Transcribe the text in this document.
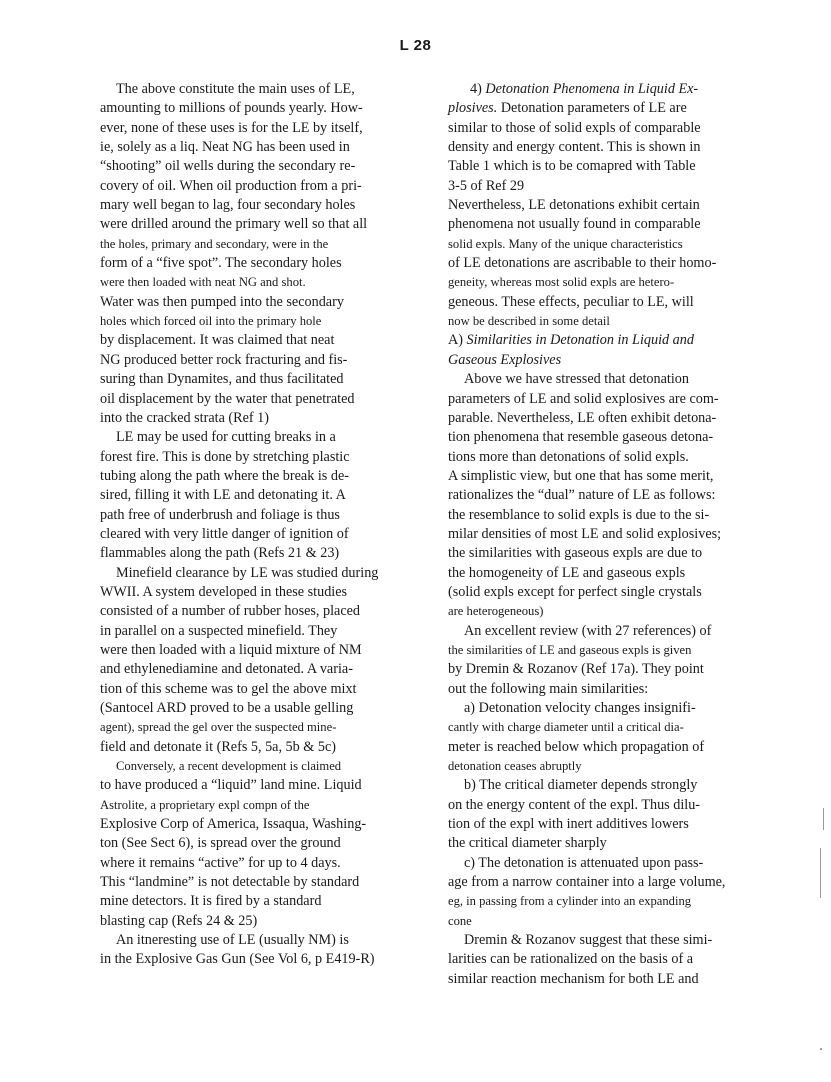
L 28
The above constitute the main uses of LE,
amounting to millions of pounds yearly. How-
ever, none of these uses is for the LE by itself,
ie, solely as a liq. Neat NG has been used in
“shooting” oil wells during the secondary re-
covery of oil. When oil production from a pri-
mary well began to lag, four secondary holes
were drilled around the primary well so that all
the holes, primary and secondary, were in the
form of a “five spot”. The secondary holes
were then loaded with neat NG and shot.
Water was then pumped into the secondary
holes which forced oil into the primary hole
by displacement. It was claimed that neat
NG produced better rock fracturing and fis-
suring than Dynamites, and thus facilitated
oil displacement by the water that penetrated
into the cracked strata (Ref 1)
LE may be used for cutting breaks in a
forest fire. This is done by stretching plastic
tubing along the path where the break is de-
sired, filling it with LE and detonating it. A
path free of underbrush and foliage is thus
cleared with very little danger of ignition of
flammables along the path (Refs 21 & 23)
Minefield clearance by LE was studied during
WWII. A system developed in these studies
consisted of a number of rubber hoses, placed
in parallel on a suspected minefield. They
were then loaded with a liquid mixture of NM
and ethylenediamine and detonated. A varia-
tion of this scheme was to gel the above mixt
(Santocel ARD proved to be a usable gelling
agent), spread the gel over the suspected mine-
field and detonate it (Refs 5, 5a, 5b & 5c)
Conversely, a recent development is claimed
to have produced a “liquid” land mine. Liquid
Astrolite, a proprietary expl compn of the
Explosive Corp of America, Issaqua, Washing-
ton (See Sect 6), is spread over the ground
where it remains “active” for up to 4 days.
This “landmine” is not detectable by standard
mine detectors. It is fired by a standard
blasting cap (Refs 24 & 25)
An itneresting use of LE (usually NM) is
in the Explosive Gas Gun (See Vol 6, p E419-R)
4) Detonation Phenomena in Liquid Ex-
plosives. Detonation parameters of LE are
similar to those of solid expls of comparable
density and energy content. This is shown in
Table 1 which is to be comapred with Table
3-5 of Ref 29
Nevertheless, LE detonations exhibit certain
phenomena not usually found in comparable
solid expls. Many of the unique characteristics
of LE detonations are ascribable to their homo-
geneity, whereas most solid expls are hetero-
geneous. These effects, peculiar to LE, will
now be described in some detail
A) Similarities in Detonation in Liquid and
Gaseous Explosives
Above we have stressed that detonation
parameters of LE and solid explosives are com-
parable. Nevertheless, LE often exhibit detona-
tion phenomena that resemble gaseous detona-
tions more than detonations of solid expls.
A simplistic view, but one that has some merit,
rationalizes the “dual” nature of LE as follows:
the resemblance to solid expls is due to the si-
milar densities of most LE and solid explosives;
the similarities with gaseous expls are due to
the homogeneity of LE and gaseous expls
(solid expls except for perfect single crystals
are heterogeneous)
An excellent review (with 27 references) of
the similarities of LE and gaseous expls is given
by Dremin & Rozanov (Ref 17a). They point
out the following main similarities:
a) Detonation velocity changes insignifi-
cantly with charge diameter until a critical dia-
meter is reached below which propagation of
detonation ceases abruptly
b) The critical diameter depends strongly
on the energy content of the expl. Thus dilu-
tion of the expl with inert additives lowers
the critical diameter sharply
c) The detonation is attenuated upon pass-
age from a narrow container into a large volume,
eg, in passing from a cylinder into an expanding
cone
Dremin & Rozanov suggest that these simi-
larities can be rationalized on the basis of a
similar reaction mechanism for both LE and
